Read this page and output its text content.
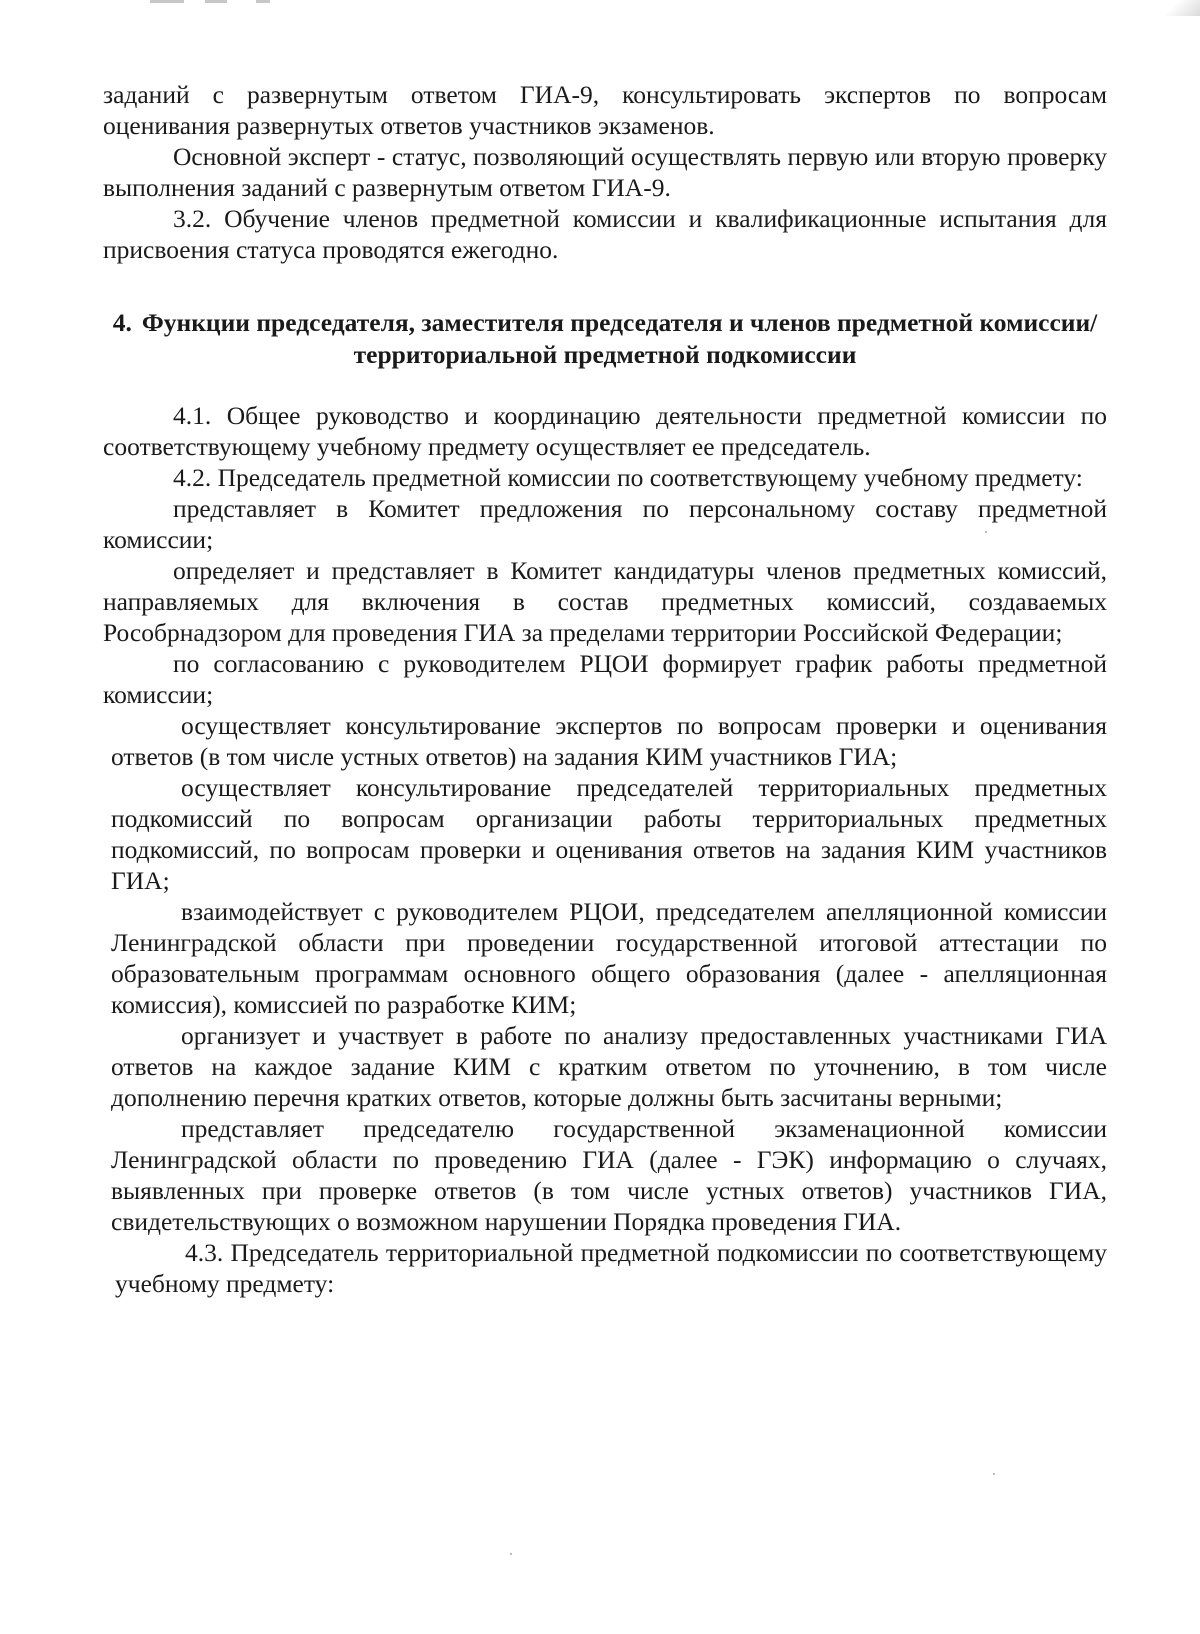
заданий с развернутым ответом ГИА-9, консультировать экспертов по вопросам оценивания развернутых ответов участников экзаменов.

Основной эксперт - статус, позволяющий осуществлять первую или вторую проверку выполнения заданий с развернутым ответом ГИА-9.

3.2. Обучение членов предметной комиссии и квалификационные испытания для присвоения статуса проводятся ежегодно.

4. Функции председателя, заместителя председателя и членов предметной комиссии/территориальной предметной подкомиссии

4.1. Общее руководство и координацию деятельности предметной комиссии по соответствующему учебному предмету осуществляет ее председатель.

4.2. Председатель предметной комиссии по соответствующему учебному предмету:

представляет в Комитет предложения по персональному составу предметной комиссии;

определяет и представляет в Комитет кандидатуры членов предметных комиссий, направляемых для включения в состав предметных комиссий, создаваемых Рособрнадзором для проведения ГИА за пределами территории Российской Федерации;

по согласованию с руководителем РЦОИ формирует график работы предметной комиссии;

осуществляет консультирование экспертов по вопросам проверки и оценивания ответов (в том числе устных ответов) на задания КИМ участников ГИА;

осуществляет консультирование председателей территориальных предметных подкомиссий по вопросам организации работы территориальных предметных подкомиссий, по вопросам проверки и оценивания ответов на задания КИМ участников ГИА;

взаимодействует с руководителем РЦОИ, председателем апелляционной комиссии Ленинградской области при проведении государственной итоговой аттестации по образовательным программам основного общего образования (далее - апелляционная комиссия), комиссией по разработке КИМ;

организует и участвует в работе по анализу предоставленных участниками ГИА ответов на каждое задание КИМ с кратким ответом по уточнению, в том числе дополнению перечня кратких ответов, которые должны быть засчитаны верными;

представляет председателю государственной экзаменационной комиссии Ленинградской области по проведению ГИА (далее - ГЭК) информацию о случаях, выявленных при проверке ответов (в том числе устных ответов) участников ГИА, свидетельствующих о возможном нарушении Порядка проведения ГИА.

4.3. Председатель территориальной предметной подкомиссии по соответствующему учебному предмету:
